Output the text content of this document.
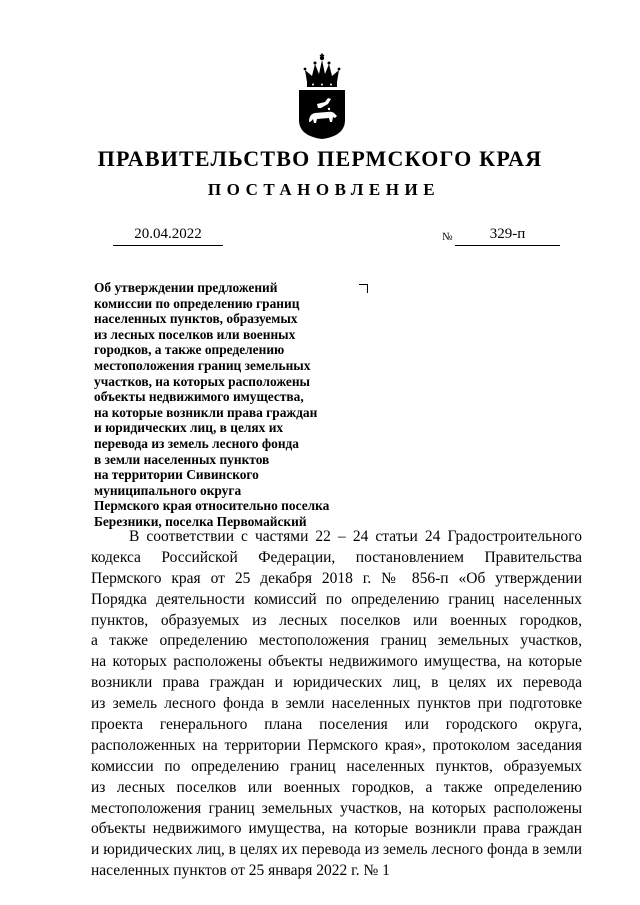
ПРАВИТЕЛЬСТВО ПЕРМСКОГО КРАЯ
ПОСТАНОВЛЕНИЕ
20.04.2022	№	329-п
Об утверждении предложений
комиссии по определению границ
населенных пунктов, образуемых
из лесных поселков или военных
городков, а также определению
местоположения границ земельных
участков, на которых расположены
объекты недвижимого имущества,
на которые возникли права граждан
и юридических лиц, в целях их
перевода из земель лесного фонда
в земли населенных пунктов
на территории Сивинского
муниципального округа
Пермского края относительно поселка
Березники, поселка Первомайский
В соответствии с частями 22 – 24 статьи 24 Градостроительного
кодекса Российской Федерации, постановлением Правительства
Пермского края от 25 декабря 2018 г. № 856-п «Об утверждении
Порядка деятельности комиссий по определению границ населенных
пунктов, образуемых из лесных поселков или военных городков,
а также определению местоположения границ земельных участков,
на которых расположены объекты недвижимого имущества, на которые
возникли права граждан и юридических лиц, в целях их перевода
из земель лесного фонда в земли населенных пунктов при подготовке
проекта генерального плана поселения или городского округа,
расположенных на территории Пермского края», протоколом заседания
комиссии по определению границ населенных пунктов, образуемых
из лесных поселков или военных городков, а также определению
местоположения границ земельных участков, на которых расположены
объекты недвижимого имущества, на которые возникли права граждан
и юридических лиц, в целях их перевода из земель лесного фонда в земли
населенных пунктов от 25 января 2022 г. № 1
